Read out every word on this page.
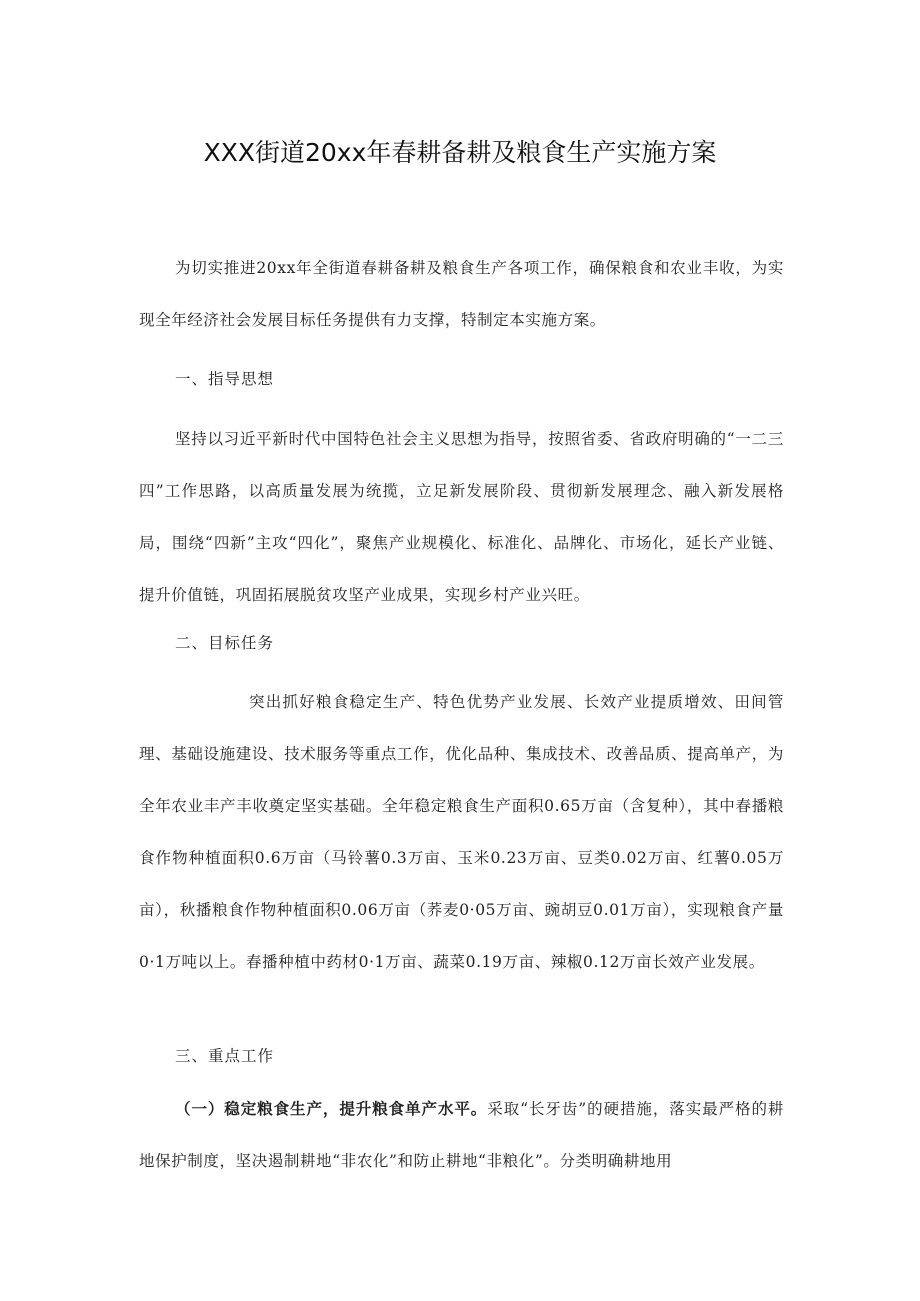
XXX街道20xx年春耕备耕及粮食生产实施方案

为切实推进20xx年全街道春耕备耕及粮食生产各项工作，确保粮食和农业丰收，为实现全年经济社会发展目标任务提供有力支撑，特制定本实施方案。

一、指导思想

坚持以习近平新时代中国特色社会主义思想为指导，按照省委、省政府明确的“一二三四”工作思路，以高质量发展为统揽，立足新发展阶段、贯彻新发展理念、融入新发展格局，围绕“四新”主攻“四化”，聚焦产业规模化、标准化、品牌化、市场化，延长产业链、提升价值链，巩固拓展脱贫攻坚产业成果，实现乡村产业兴旺。

二、目标任务

突出抓好粮食稳定生产、特色优势产业发展、长效产业提质增效、田间管理、基础设施建设、技术服务等重点工作，优化品种、集成技术、改善品质、提高单产，为全年农业丰产丰收奠定坚实基础。全年稳定粮食生产面积0.65万亩（含复种），其中春播粮食作物种植面积0.6万亩（马铃薯0.3万亩、玉米0.23万亩、豆类0.02万亩、红薯0.05万亩），秋播粮食作物种植面积0.06万亩（荞麦0·05万亩、豌胡豆0.01万亩），实现粮食产量0·1万吨以上。春播种植中药材0·1万亩、蔬菜0.19万亩、辣椒0.12万亩长效产业发展。

三、重点工作

（一）稳定粮食生产，提升粮食单产水平。采取“长牙齿”的硬措施，落实最严格的耕地保护制度，坚决遏制耕地“非农化”和防止耕地“非粮化”。分类明确耕地用
